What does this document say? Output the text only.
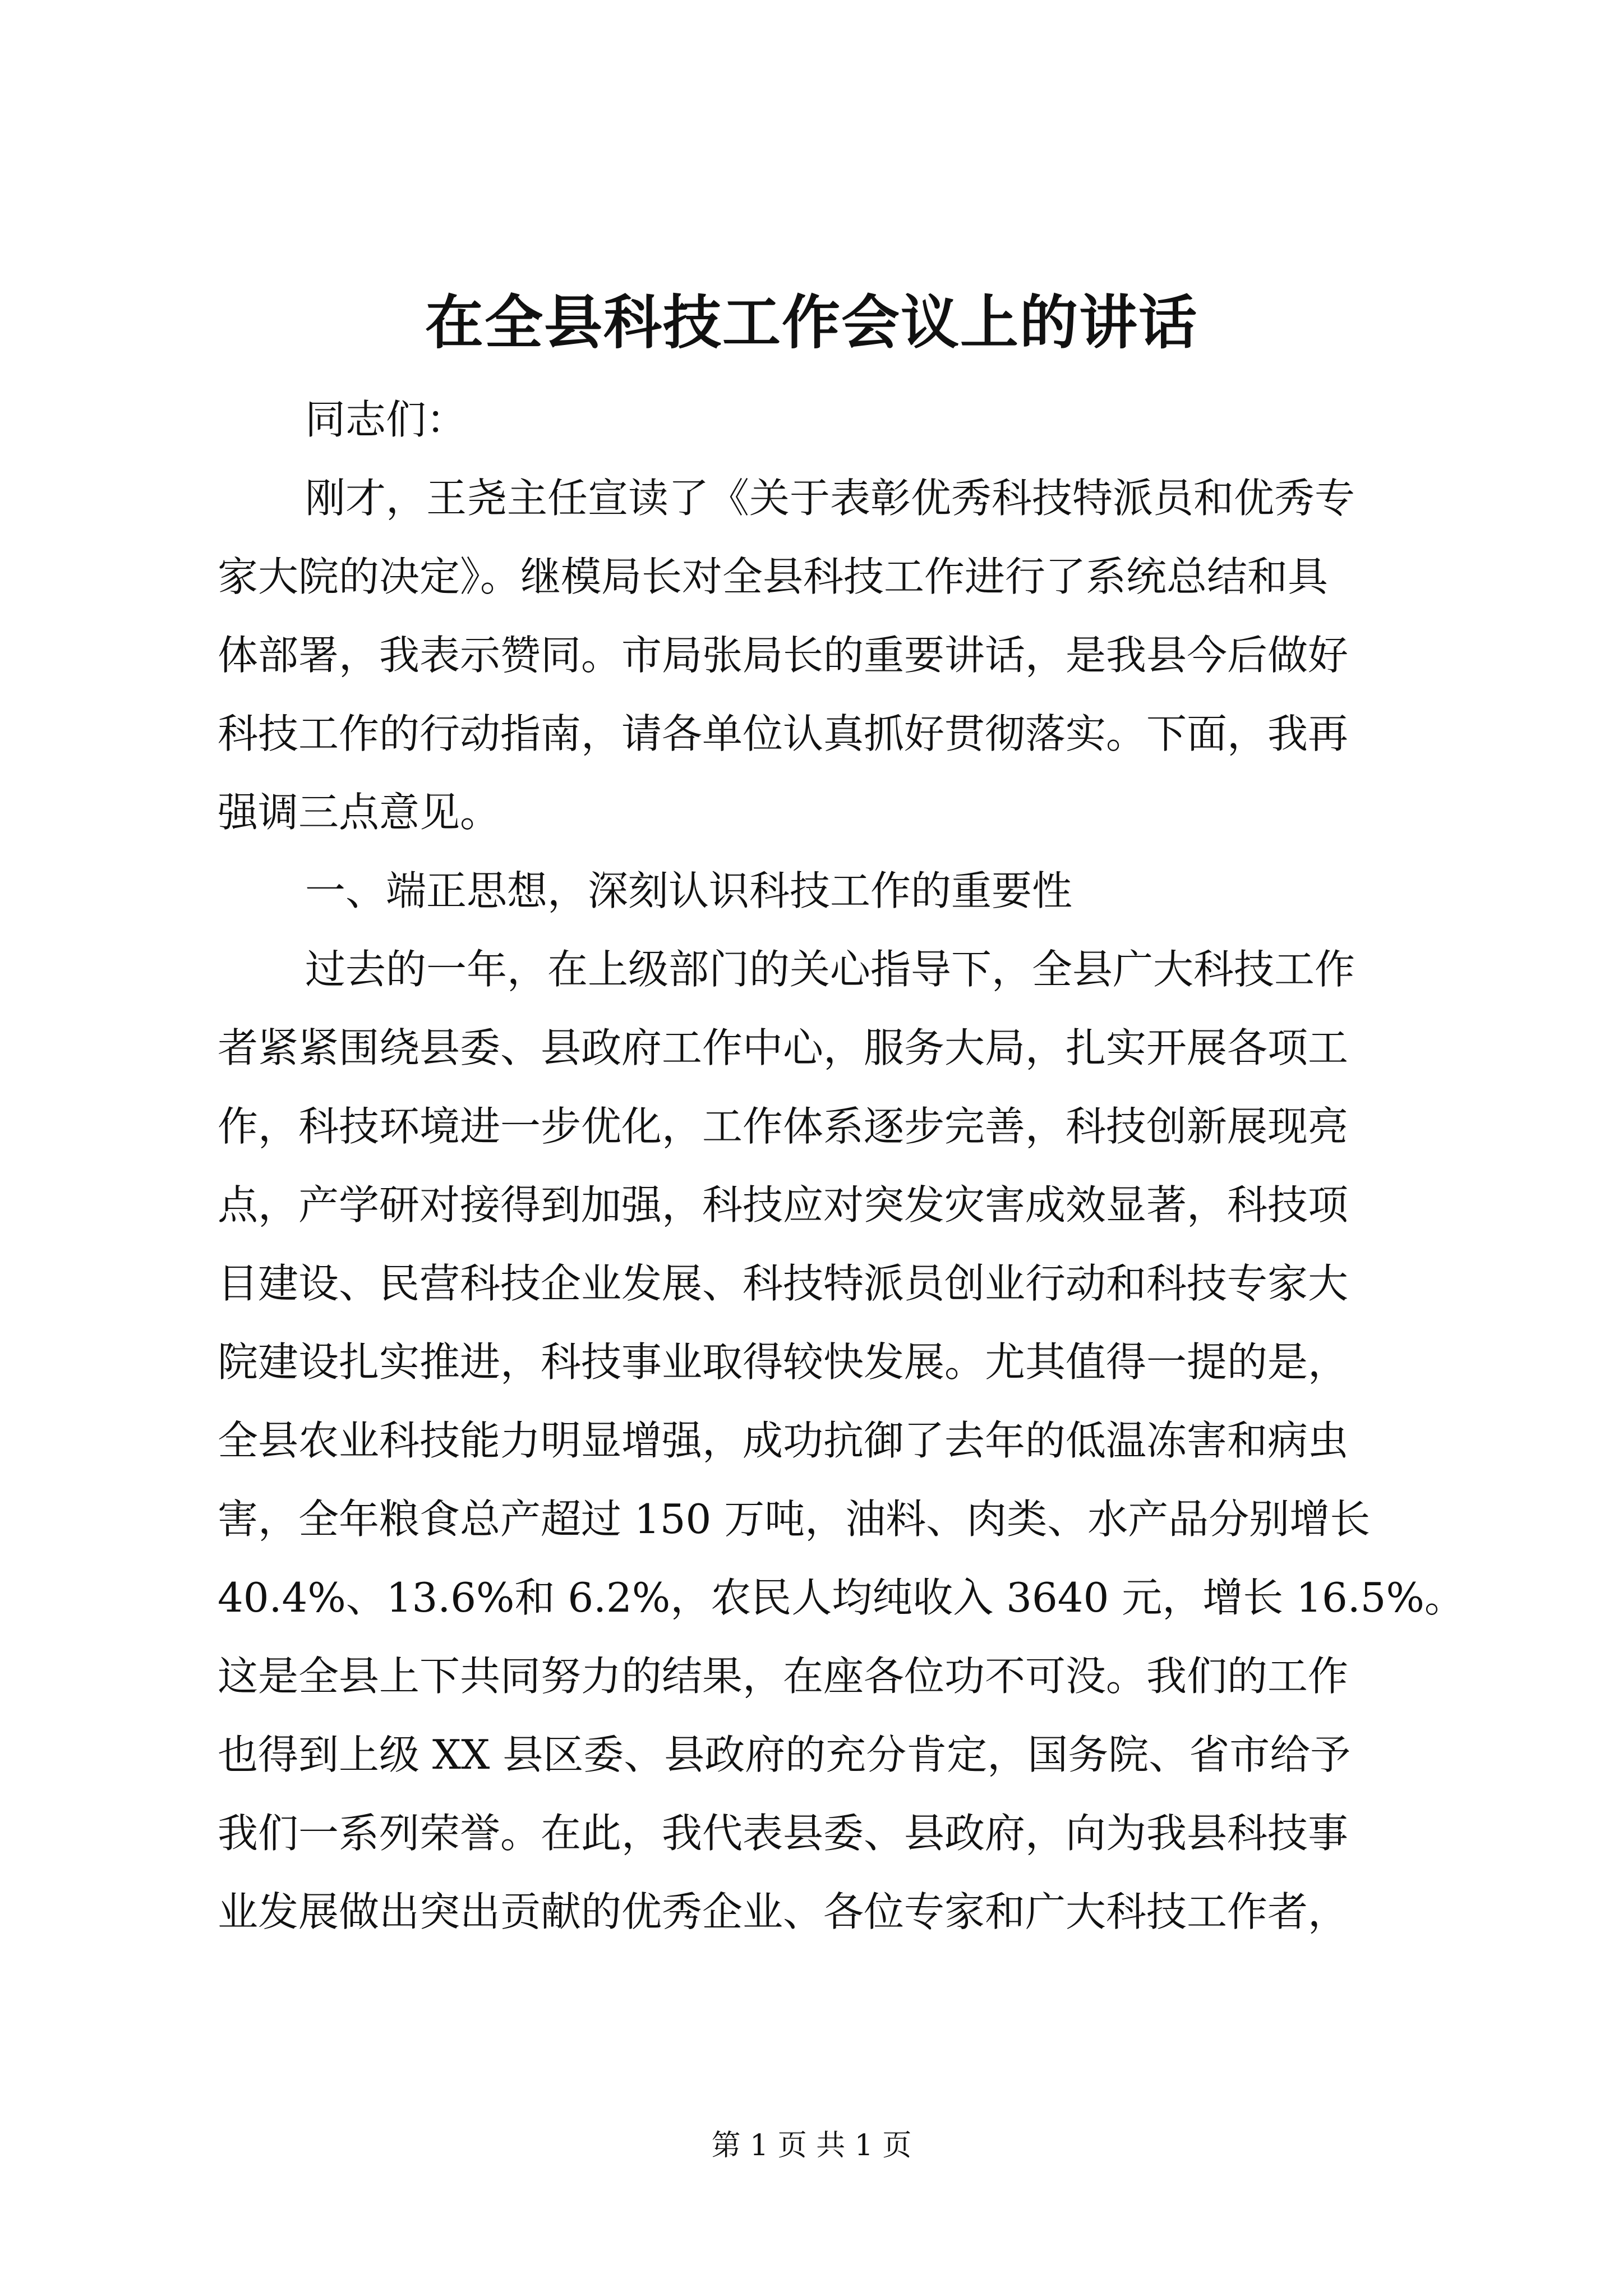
在全县科技工作会议上的讲话
同志们：
刚才，王尧主任宣读了《关于表彰优秀科技特派员和优秀专
家大院的决定》。继模局长对全县科技工作进行了系统总结和具
体部署，我表示赞同。市局张局长的重要讲话，是我县今后做好
科技工作的行动指南，请各单位认真抓好贯彻落实。下面，我再
强调三点意见。
一、端正思想，深刻认识科技工作的重要性
过去的一年，在上级部门的关心指导下，全县广大科技工作
者紧紧围绕县委、县政府工作中心，服务大局，扎实开展各项工
作，科技环境进一步优化，工作体系逐步完善，科技创新展现亮
点，产学研对接得到加强，科技应对突发灾害成效显著，科技项
目建设、民营科技企业发展、科技特派员创业行动和科技专家大
院建设扎实推进，科技事业取得较快发展。尤其值得一提的是，
全县农业科技能力明显增强，成功抗御了去年的低温冻害和病虫
害，全年粮食总产超过 150 万吨，油料、肉类、水产品分别增长
40.4%、13.6%和 6.2%，农民人均纯收入 3640 元，增长 16.5%。
这是全县上下共同努力的结果，在座各位功不可没。我们的工作
也得到上级 XX 县区委、县政府的充分肯定，国务院、省市给予
我们一系列荣誉。在此，我代表县委、县政府，向为我县科技事
业发展做出突出贡献的优秀企业、各位专家和广大科技工作者，
第 1 页 共 1 页
